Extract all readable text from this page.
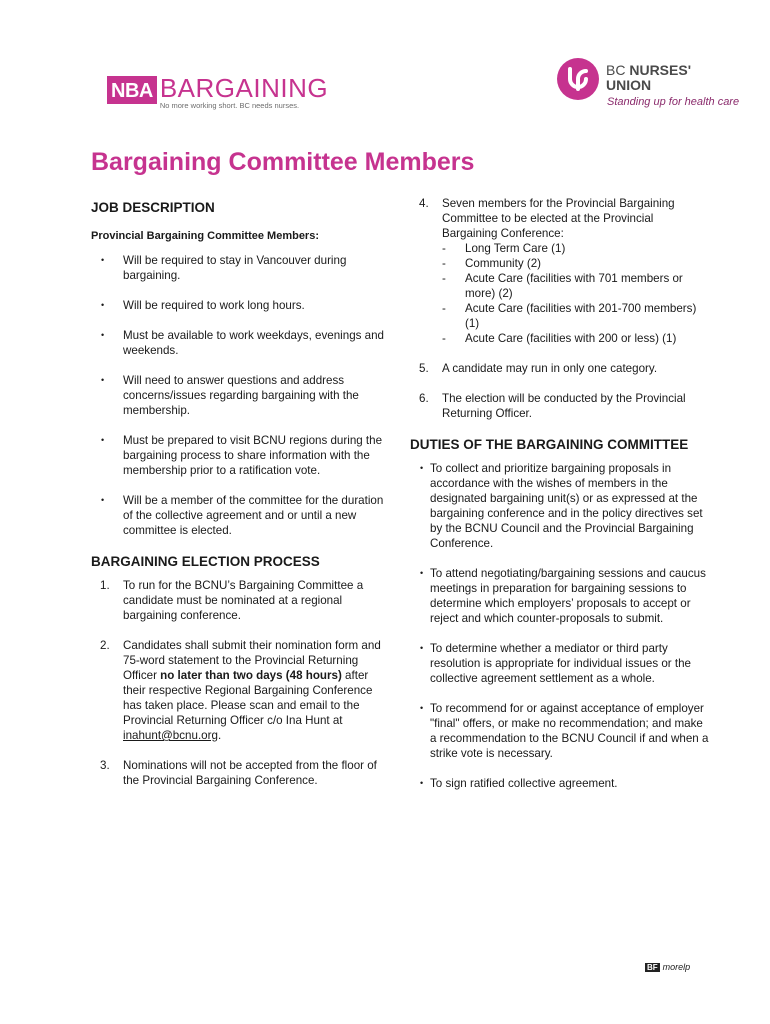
NBA BARGAINING
No more working short. BC needs nurses.
BC NURSES'
UNION
Standing up for health care
Bargaining Committee Members
JOB DESCRIPTION
Provincial Bargaining Committee Members:
•	Will be required to stay in Vancouver during bargaining.
•	Will be required to work long hours.
•	Must be available to work weekdays, evenings and weekends.
•	Will need to answer questions and address concerns/issues regarding bargaining with the membership.
•	Must be prepared to visit BCNU regions during the bargaining process to share information with the membership prior to a ratification vote.
•	Will be a member of the committee for the duration of the collective agreement and or until a new committee is elected.
BARGAINING ELECTION PROCESS
1.	To run for the BCNU’s Bargaining Committee a candidate must be nominated at a regional bargaining conference.
2.	Candidates shall submit their nomination form and 75-word statement to the Provincial Returning Officer no later than two days (48 hours) after their respective Regional Bargaining Conference has taken place. Please scan and email to the Provincial Returning Officer c/o Ina Hunt at inahunt@bcnu.org.
3.	Nominations will not be accepted from the floor of the Provincial Bargaining Conference.
4.	Seven members for the Provincial Bargaining Committee to be elected at the Provincial Bargaining Conference:
-	Long Term Care (1)
-	Community (2)
-	Acute Care (facilities with 701 members or more) (2)
-	Acute Care (facilities with 201-700 members) (1)
-	Acute Care (facilities with 200 or less) (1)
5.	A candidate may run in only one category.
6.	The election will be conducted by the Provincial Returning Officer.
DUTIES OF THE BARGAINING COMMITTEE
• To collect and prioritize bargaining proposals in accordance with the wishes of members in the designated bargaining unit(s) or as expressed at the bargaining conference and in the policy directives set by the BCNU Council and the Provincial Bargaining Conference.
• To attend negotiating/bargaining sessions and caucus meetings in preparation for bargaining sessions to determine which employers’ proposals to accept or reject and which counter-proposals to submit.
• To determine whether a mediator or third party resolution is appropriate for individual issues or the collective agreement settlement as a whole.
• To recommend for or against acceptance of employer "final" offers, or make no recommendation; and make a recommendation to the BCNU Council if and when a strike vote is necessary.
• To sign ratified collective agreement.
BF morelp
